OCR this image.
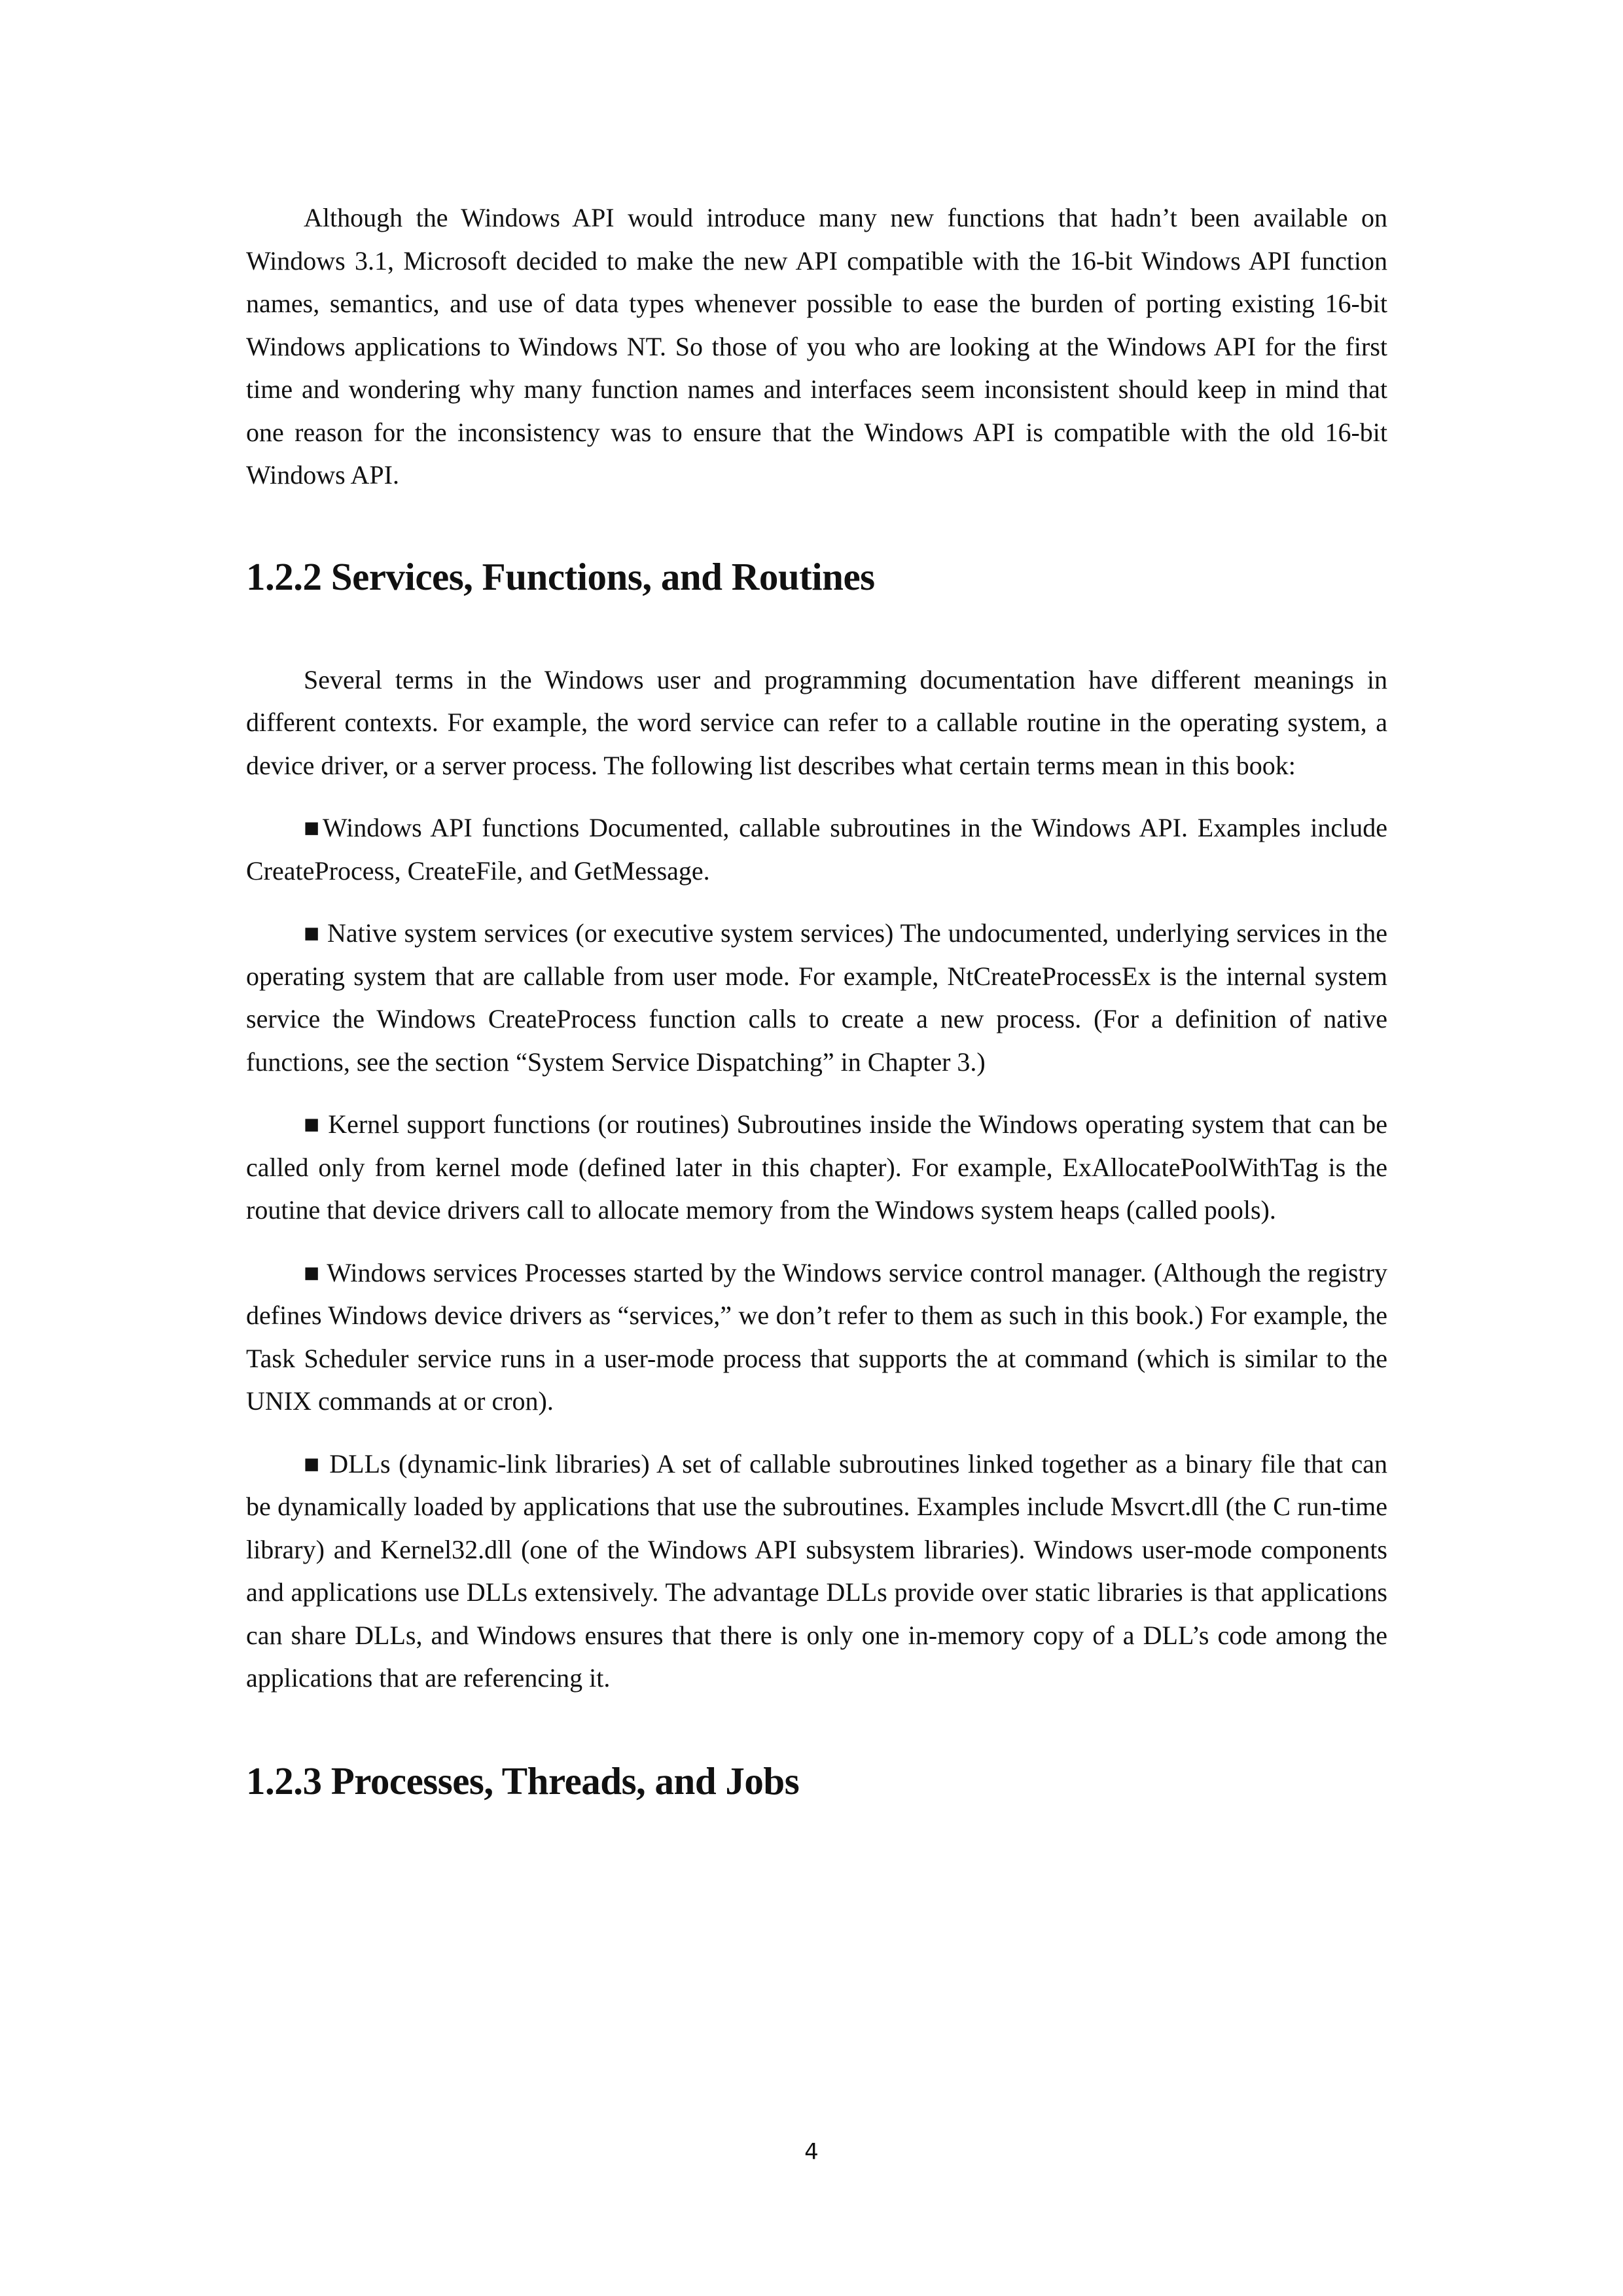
Although the Windows API would introduce many new functions that hadn’t been available on Windows 3.1, Microsoft decided to make the new API compatible with the 16-bit Windows API function names, semantics, and use of data types whenever possible to ease the burden of porting existing 16-bit Windows applications to Windows NT. So those of you who are looking at the Windows API for the first time and wondering why many function names and interfaces seem inconsistent should keep in mind that one reason for the inconsistency was to ensure that the Windows API is compatible with the old 16-bit Windows API.

1.2.2 Services, Functions, and Routines

Several terms in the Windows user and programming documentation have different meanings in different contexts. For example, the word service can refer to a callable routine in the operating system, a device driver, or a server process. The following list describes what certain terms mean in this book:

■Windows API functions Documented, callable subroutines in the Windows API. Examples include CreateProcess, CreateFile, and GetMessage.

■ Native system services (or executive system services) The undocumented, underlying services in the operating system that are callable from user mode. For example, NtCreateProcessEx is the internal system service the Windows CreateProcess function calls to create a new process. (For a definition of native functions, see the section “System Service Dispatching” in Chapter 3.)

■ Kernel support functions (or routines) Subroutines inside the Windows operating system that can be called only from kernel mode (defined later in this chapter). For example, ExAllocatePoolWithTag is the routine that device drivers call to allocate memory from the Windows system heaps (called pools).

■ Windows services Processes started by the Windows service control manager. (Although the registry defines Windows device drivers as “services,” we don’t refer to them as such in this book.) For example, the Task Scheduler service runs in a user-mode process that supports the at command (which is similar to the UNIX commands at or cron).

■ DLLs (dynamic-link libraries) A set of callable subroutines linked together as a binary file that can be dynamically loaded by applications that use the subroutines. Examples include Msvcrt.dll (the C run-time library) and Kernel32.dll (one of the Windows API subsystem libraries). Windows user-mode components and applications use DLLs extensively. The advantage DLLs provide over static libraries is that applications can share DLLs, and Windows ensures that there is only one in-memory copy of a DLL’s code among the applications that are referencing it.

1.2.3 Processes, Threads, and Jobs
4
